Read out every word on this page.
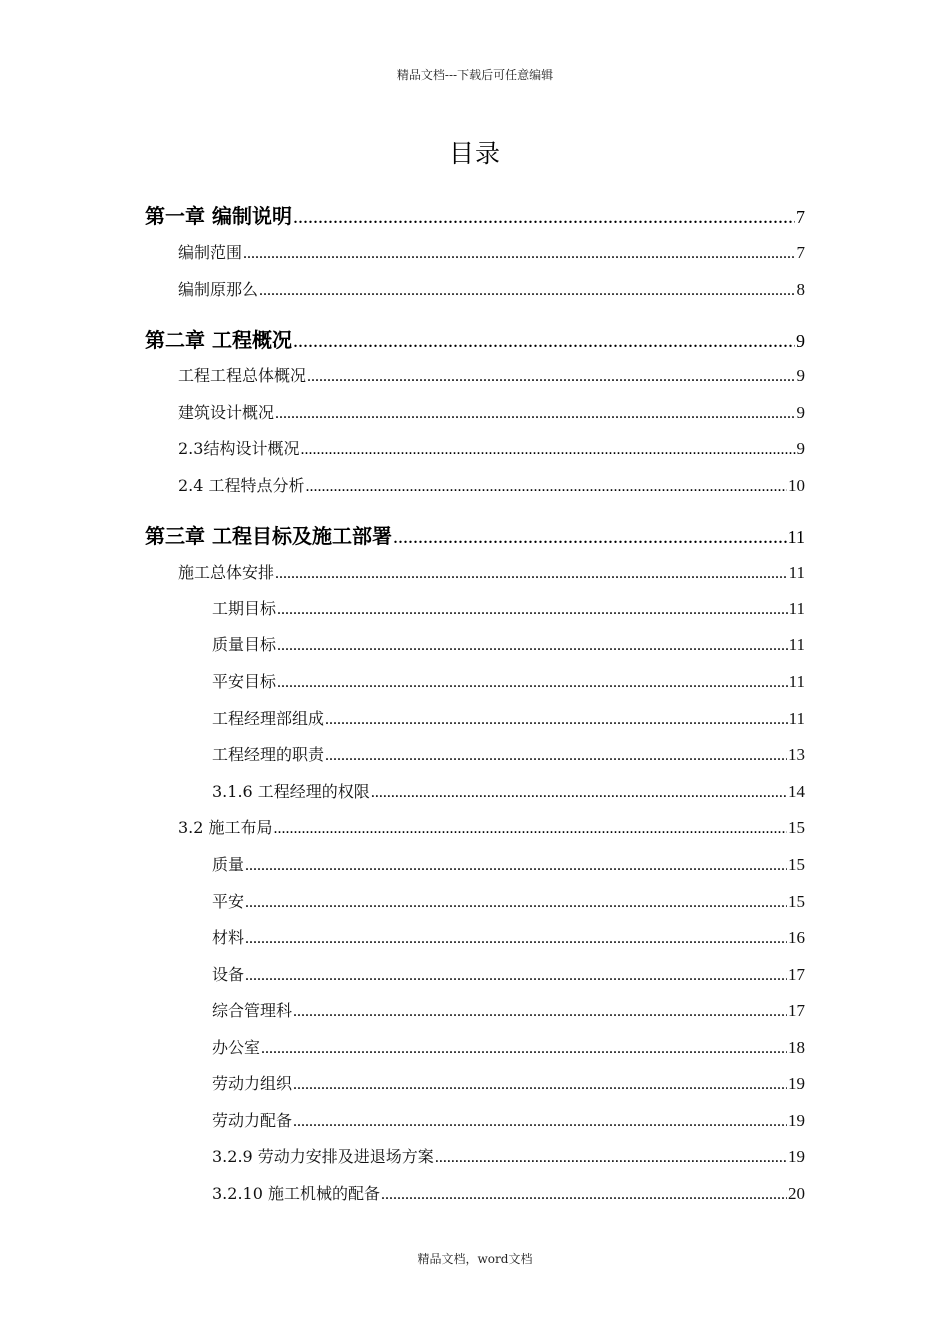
精品文档---下载后可任意编辑
目录
第一章 编制说明 .....	7
编制范围 .....	7
编制原那么 .....	8
第二章 工程概况 .....	9
工程工程总体概况 .....	9
建筑设计概况 .....	9
2.3结构设计概况 .....	9
2.4 工程特点分析 .....	10
第三章 工程目标及施工部署 .....	11
施工总体安排 .....	11
工期目标 .....	11
质量目标 .....	11
平安目标 .....	11
工程经理部组成 .....	11
工程经理的职责 .....	13
3.1.6 工程经理的权限 .....	14
3.2 施工布局 .....	15
质量 .....	15
平安 .....	15
材料 .....	16
设备 .....	17
综合管理科 .....	17
办公室 .....	18
劳动力组织 .....	19
劳动力配备 .....	19
3.2.9 劳动力安排及进退场方案 .....	19
3.2.10 施工机械的配备 .....	20
精品文档，word文档
